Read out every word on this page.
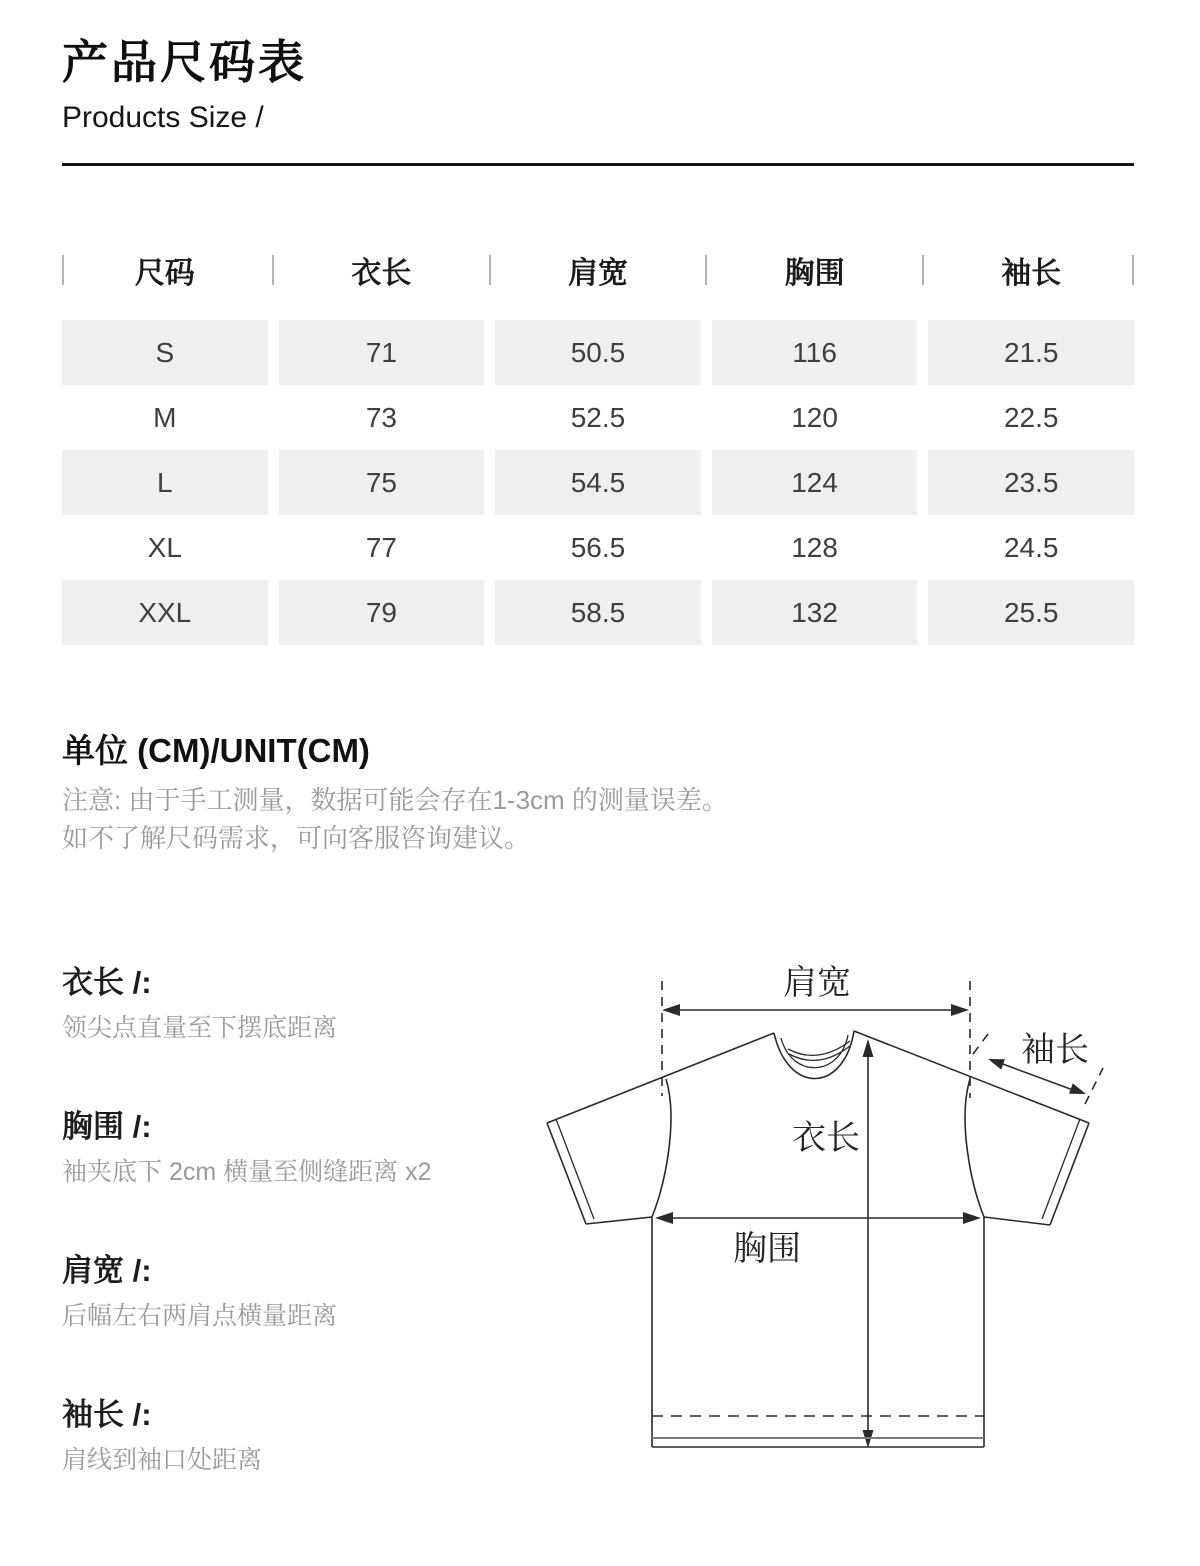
产品尺码表
Products Size /
尺码	衣长	肩宽	胸围	袖长
S	71	50.5	116	21.5
M	73	52.5	120	22.5
L	75	54.5	124	23.5
XL	77	56.5	128	24.5
XXL	79	58.5	132	25.5
单位 (CM)/UNIT(CM)
注意: 由于手工测量，数据可能会存在1-3cm 的测量误差。
如不了解尺码需求，可向客服咨询建议。
衣长 /:
领尖点直量至下摆底距离
胸围 /:
袖夹底下 2cm 横量至侧缝距离 x2
肩宽 /:
后幅左右两肩点横量距离
袖长 /:
肩线到袖口处距离
肩宽
袖长
衣长
胸围
